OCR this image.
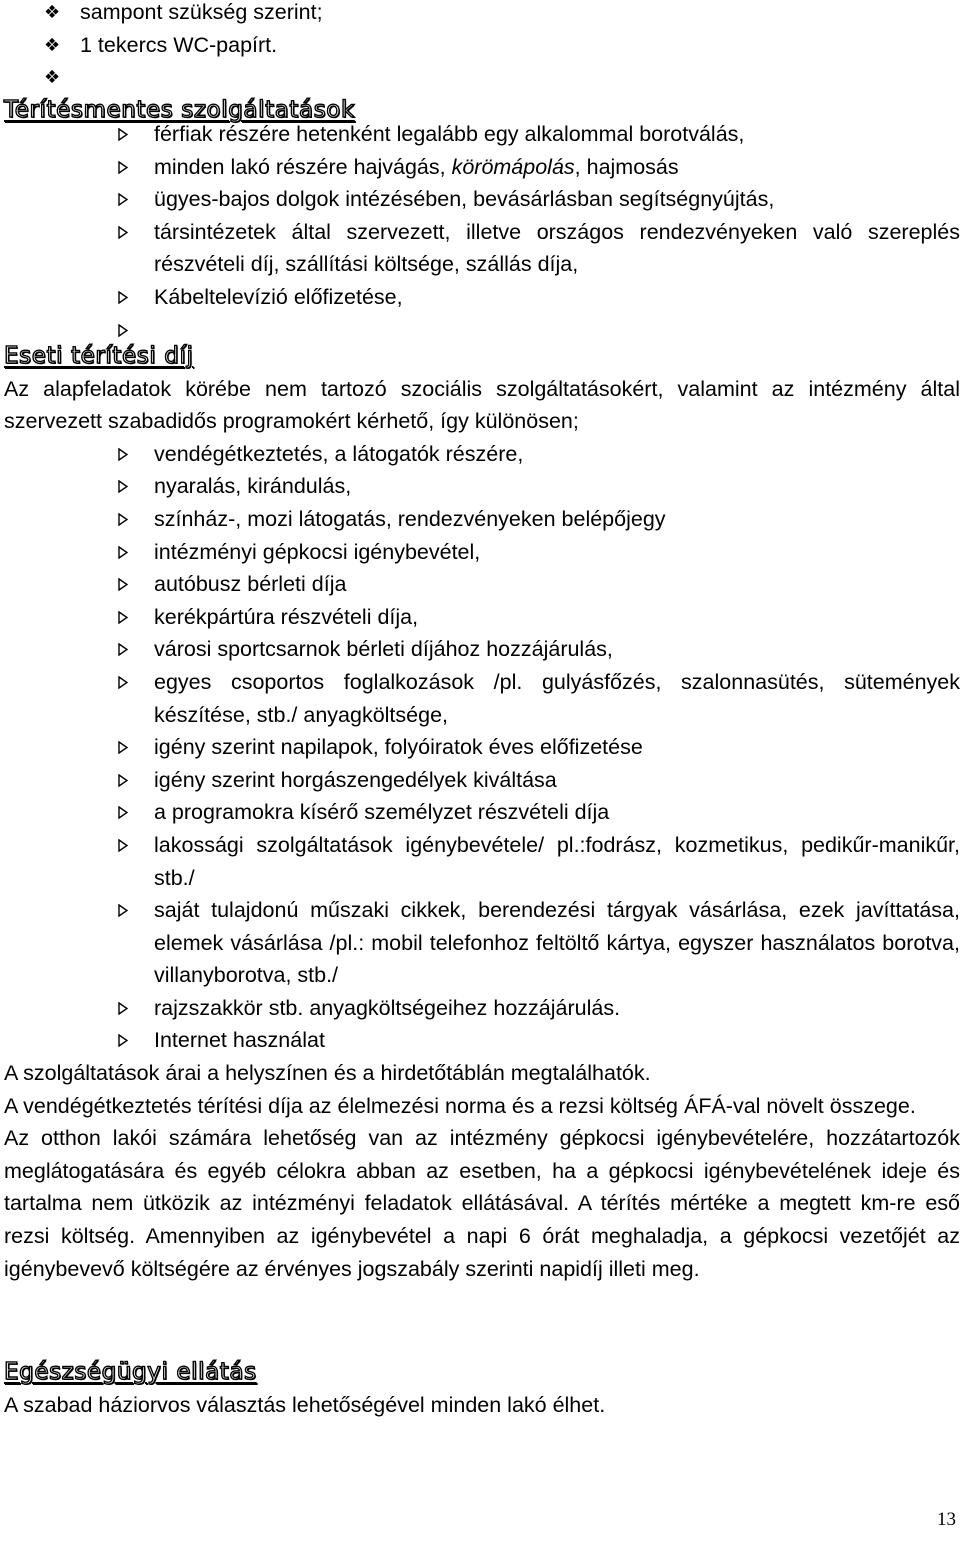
❖ sampont szükség szerint;
❖ 1 tekercs WC-papírt.
❖
Térítésmentes szolgáltatások
férfiak részére hetenként legalább egy alkalommal borotválás,
minden lakó részére hajvágás, körömápolás, hajmosás
ügyes-bajos dolgok intézésében, bevásárlásban segítségnyújtás,
társintézetek által szervezett, illetve országos rendezvényeken való szereplés részvételi díj, szállítási költsége, szállás díja,
Kábeltelevízió előfizetése,
Eseti térítési díj
Az alapfeladatok körébe nem tartozó szociális szolgáltatásokért, valamint az intézmény által szervezett szabadidős programokért kérhető, így különösen;
vendégétkeztetés, a látogatók részére,
nyaralás, kirándulás,
színház-, mozi látogatás, rendezvényeken belépőjegy
intézményi gépkocsi igénybevétel,
autóbusz bérleti díja
kerékpártúra részvételi díja,
városi sportcsarnok bérleti díjához hozzájárulás,
egyes csoportos foglalkozások /pl. gulyásfőzés, szalonnasütés, sütemények készítése, stb./ anyagköltsége,
igény szerint napilapok, folyóiratok éves előfizetése
igény szerint horgászengedélyek kiváltása
a programokra kísérő személyzet részvételi díja
lakossági szolgáltatások igénybevétele/ pl.:fodrász, kozmetikus, pedikűr-manikűr, stb./
saját tulajdonú műszaki cikkek, berendezési tárgyak vásárlása, ezek javíttatása, elemek vásárlása /pl.: mobil telefonhoz feltöltő kártya, egyszer használatos borotva, villanyborotva, stb./
rajzszakkör stb. anyagköltségeihez hozzájárulás.
Internet használat
A szolgáltatások árai a helyszínen és a hirdetőtáblán megtalálhatók.
A vendégétkeztetés térítési díja az élelmezési norma és a rezsi költség ÁFÁ-val növelt összege.
Az otthon lakói számára lehetőség van az intézmény gépkocsi igénybevételére, hozzátartozók meglátogatására és egyéb célokra abban az esetben, ha a gépkocsi igénybevételének ideje és tartalma nem ütközik az intézményi feladatok ellátásával. A térítés mértéke a megtett km-re eső rezsi költség. Amennyiben az igénybevétel a napi 6 órát meghaladja, a gépkocsi vezetőjét az igénybevevő költségére az érvényes jogszabály szerinti napidíj illeti meg.
Egészségügyi ellátás
A szabad háziorvos választás lehetőségével minden lakó élhet.
13
